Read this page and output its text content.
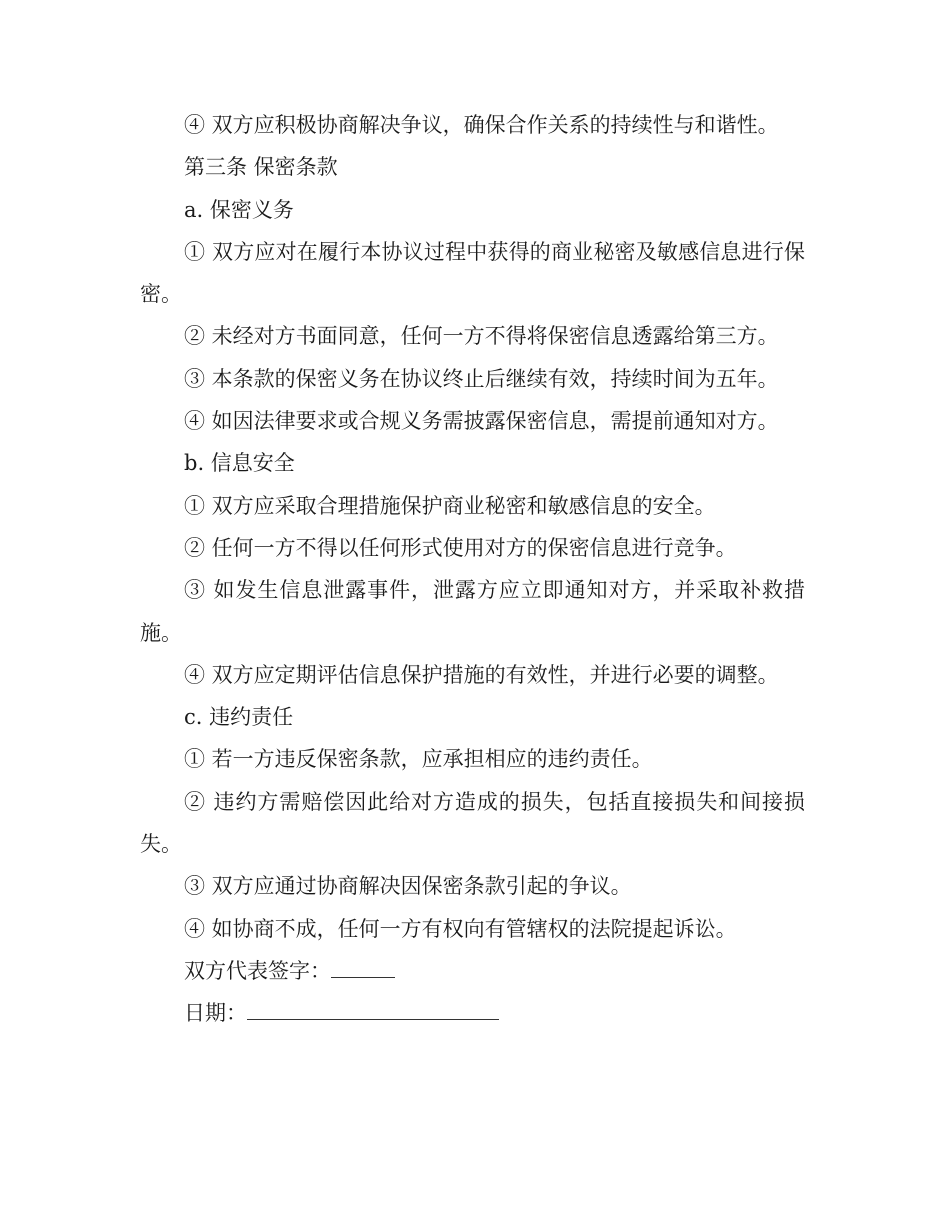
④ 双方应积极协商解决争议，确保合作关系的持续性与和谐性。

第三条 保密条款

a. 保密义务

① 双方应对在履行本协议过程中获得的商业秘密及敏感信息进行保密。

② 未经对方书面同意，任何一方不得将保密信息透露给第三方。

③ 本条款的保密义务在协议终止后继续有效，持续时间为五年。

④ 如因法律要求或合规义务需披露保密信息，需提前通知对方。

b. 信息安全

① 双方应采取合理措施保护商业秘密和敏感信息的安全。

② 任何一方不得以任何形式使用对方的保密信息进行竞争。

③ 如发生信息泄露事件，泄露方应立即通知对方，并采取补救措施。

④ 双方应定期评估信息保护措施的有效性，并进行必要的调整。

c. 违约责任

① 若一方违反保密条款，应承担相应的违约责任。

② 违约方需赔偿因此给对方造成的损失，包括直接损失和间接损失。

③ 双方应通过协商解决因保密条款引起的争议。

④ 如协商不成，任何一方有权向有管辖权的法院提起诉讼。

双方代表签字：

日期：
